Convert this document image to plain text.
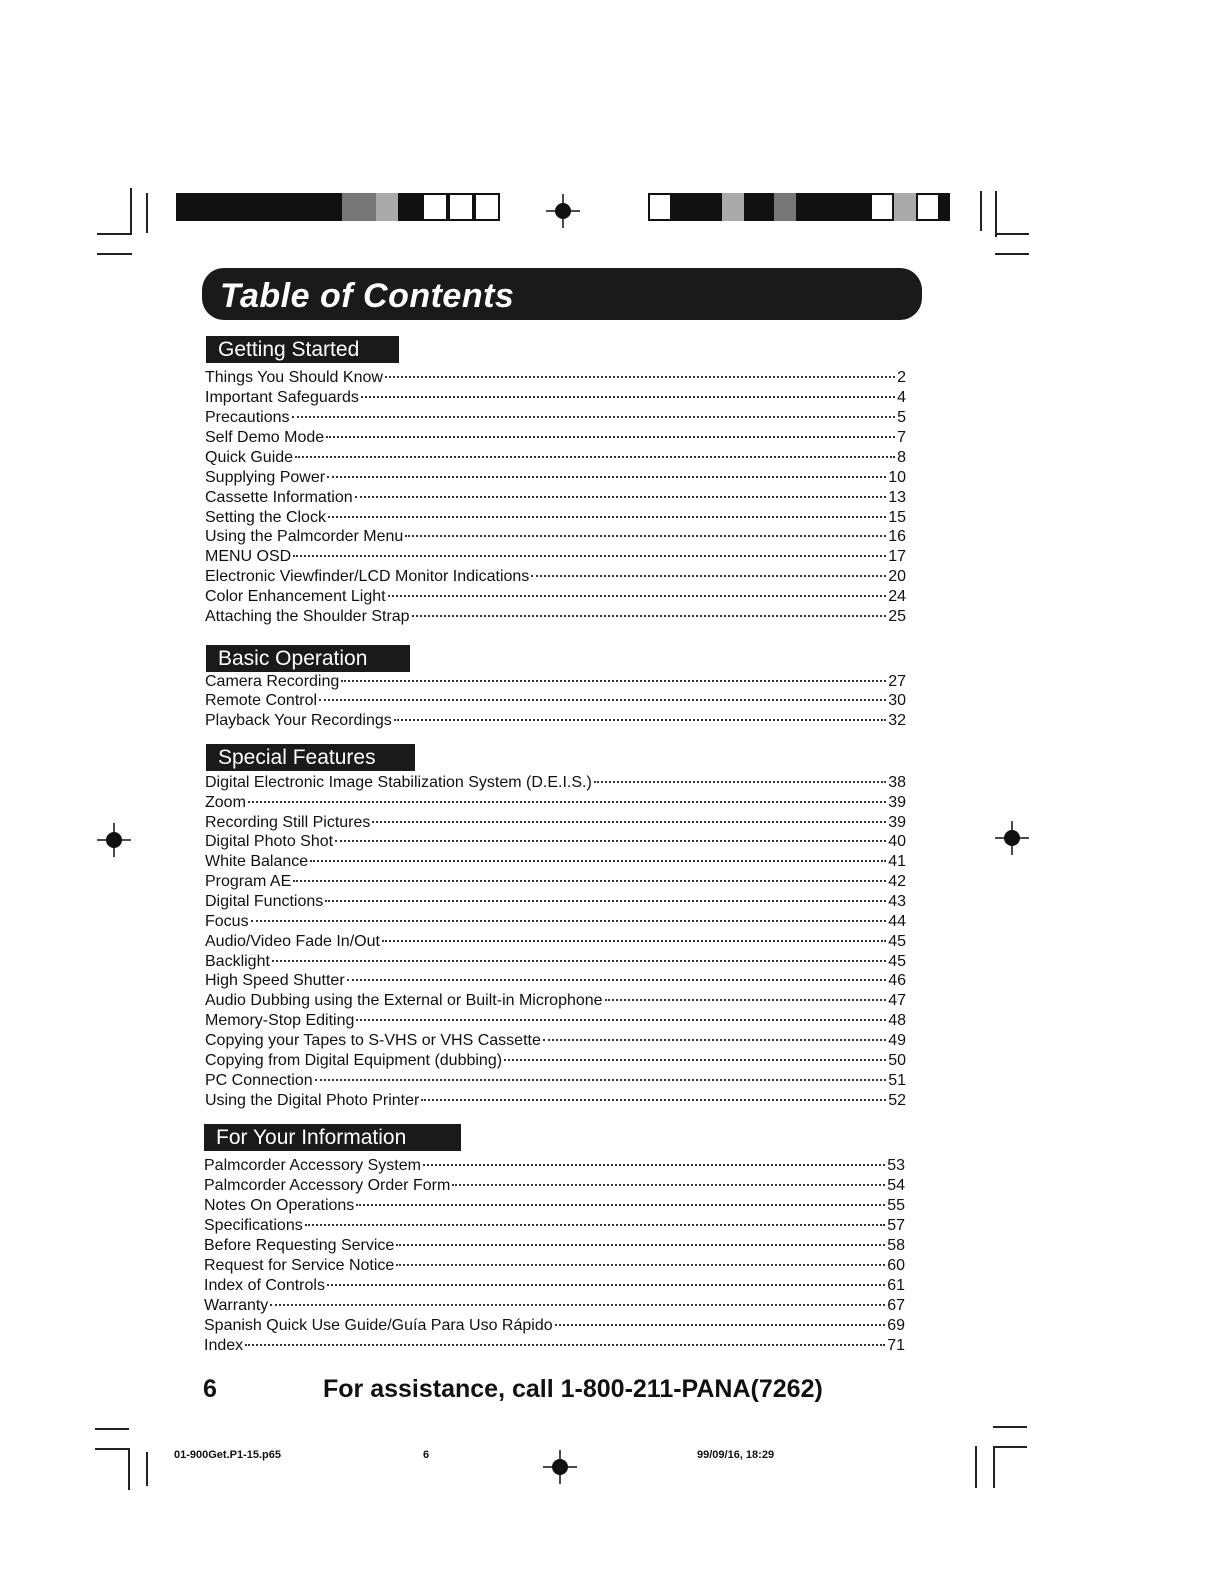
Table of Contents
Getting Started
Basic Operation
Special Features
For Your Information
Things You Should Know	2
Important Safeguards	4
Precautions	5
Self Demo Mode	7
Quick Guide	8
Supplying Power	10
Cassette Information	13
Setting the Clock	15
Using the Palmcorder Menu	16
MENU OSD	17
Electronic Viewfinder/LCD Monitor Indications	20
Color Enhancement Light	24
Attaching the Shoulder Strap	25
Camera Recording	27
Remote Control	30
Playback Your Recordings	32
Digital Electronic Image Stabilization System (D.E.I.S.)	38
Zoom	39
Recording Still Pictures	39
Digital Photo Shot	40
White Balance	41
Program AE	42
Digital Functions	43
Focus	44
Audio/Video Fade In/Out	45
Backlight	45
High Speed Shutter	46
Audio Dubbing using the External or Built-in Microphone	47
Memory-Stop Editing	48
Copying your Tapes to S-VHS or VHS Cassette	49
Copying from Digital Equipment (dubbing)	50
PC Connection	51
Using the Digital Photo Printer	52
Palmcorder Accessory System	53
Palmcorder Accessory Order Form	54
Notes On Operations	55
Specifications	57
Before Requesting Service	58
Request for Service Notice	60
Index of Controls	61
Warranty	67
Spanish Quick Use Guide/Guía Para Uso Rápido	69
Index	71
6	For assistance, call 1-800-211-PANA(7262)
01-900Get.P1-15.p65	6	99/09/16, 18:29
